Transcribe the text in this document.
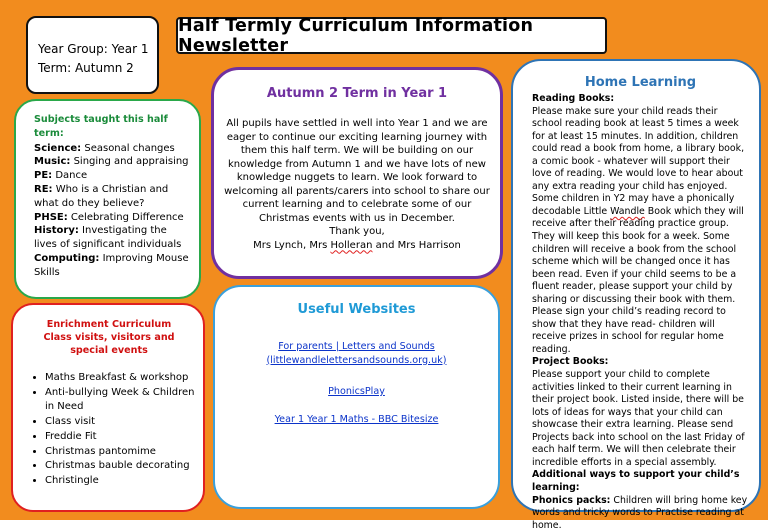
Half Termly Curriculum Information Newsletter
Year Group: Year 1
Term: Autumn 2
Subjects taught this half term:
Science: Seasonal changes
Music: Singing and appraising
PE: Dance
RE: Who is a Christian and what do they believe?
PHSE: Celebrating Difference
History: Investigating the lives of significant individuals
Computing: Improving Mouse Skills
Enrichment Curriculum
Class visits, visitors and special events
• Maths Breakfast & workshop
• Anti-bullying Week & Children in Need
• Class visit
• Freddie Fit
• Christmas pantomime
• Christmas bauble decorating
• Christingle
Autumn 2 Term in Year 1

All pupils have settled in well into Year 1 and we are eager to continue our exciting learning journey with them this half term. We will be building on our knowledge from Autumn 1 and we have lots of new knowledge nuggets to learn. We look forward to welcoming all parents/carers into school to share our current learning and to celebrate some of our Christmas events with us in December.

Thank you,

Mrs Lynch, Mrs Holleran and Mrs Harrison

Useful Websites
For parents | Letters and Sounds
(littlewandlelettersandsounds.org.uk)
PhonicsPlay
Year 1 Year 1 Maths - BBC Bitesize
Home Learning
Reading Books:

Please make sure your child reads their school reading book at least 5 times a week for at least 15 minutes. In addition, children could read a book from home, a library book, a comic book - whatever will support their love of reading. We would love to hear about any extra reading your child has enjoyed. Some children in Y2 may have a phonically decodable Little Wandle Book which they will receive after their reading practice group. They will keep this book for a week. Some children will receive a book from the school scheme which will be changed once it has been read. Even if your child seems to be a fluent reader, please support your child by sharing or discussing their book with them. Please sign your child’s reading record to show that they have read- children will receive prizes in school for regular home reading.

Project Books:

Please support your child to complete activities linked to their current learning in their project book. Listed inside, there will be lots of ideas for ways that your child can showcase their extra learning. Please send Projects back into school on the last Friday of each half term. We will then celebrate their incredible efforts in a special assembly.

Additional ways to support your child’s learning:

Phonics packs: Children will bring home key words and tricky words to Practise reading at home.
